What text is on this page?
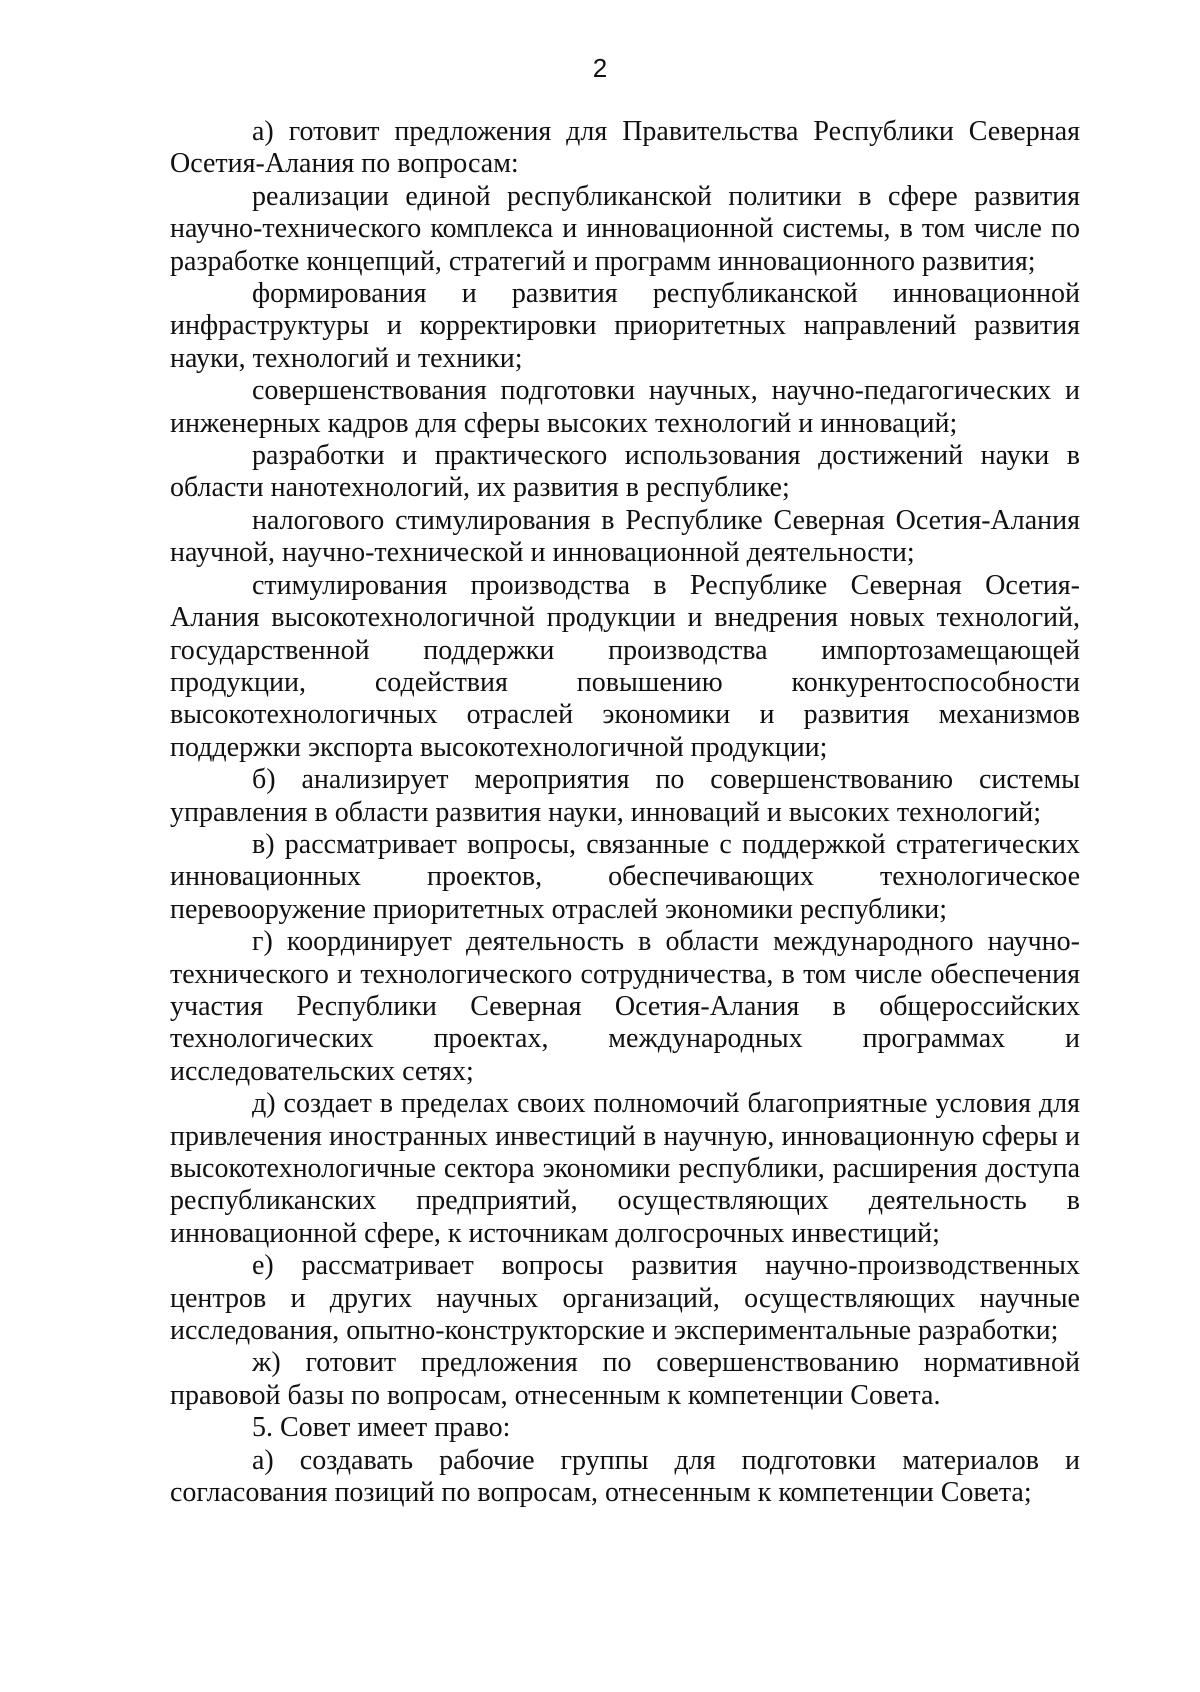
2

а) готовит предложения для Правительства Республики Северная Осетия-Алания по вопросам:

реализации единой республиканской политики в сфере развития научно-технического комплекса и инновационной системы, в том числе по разработке концепций, стратегий и программ инновационного развития;

формирования и развития республиканской инновационной инфраструктуры и корректировки приоритетных направлений развития науки, технологий и техники;

совершенствования подготовки научных, научно-педагогических и инженерных кадров для сферы высоких технологий и инноваций;

разработки и практического использования достижений науки в области нанотехнологий, их развития в республике;

налогового стимулирования в Республике Северная Осетия-Алания научной, научно-технической и инновационной деятельности;

стимулирования производства в Республике Северная Осетия-Алания высокотехнологичной продукции и внедрения новых технологий, государственной поддержки производства импортозамещающей продукции, содействия повышению конкурентоспособности высокотехнологичных отраслей экономики и развития механизмов поддержки экспорта высокотехнологичной продукции;

б) анализирует мероприятия по совершенствованию системы управления в области развития науки, инноваций и высоких технологий;

в) рассматривает вопросы, связанные с поддержкой стратегических инновационных проектов, обеспечивающих технологическое перевооружение приоритетных отраслей экономики республики;

г) координирует деятельность в области международного научно-технического и технологического сотрудничества, в том числе обеспечения участия Республики Северная Осетия-Алания в общероссийских технологических проектах, международных программах и исследовательских сетях;

д) создает в пределах своих полномочий благоприятные условия для привлечения иностранных инвестиций в научную, инновационную сферы и высокотехнологичные сектора экономики республики, расширения доступа республиканских предприятий, осуществляющих деятельность в инновационной сфере, к источникам долгосрочных инвестиций;

е) рассматривает вопросы развития научно-производственных центров и других научных организаций, осуществляющих научные исследования, опытно-конструкторские и экспериментальные разработки;

ж) готовит предложения по совершенствованию нормативной правовой базы по вопросам, отнесенным к компетенции Совета.

5. Совет имеет право:

а) создавать рабочие группы для подготовки материалов и согласования позиций по вопросам, отнесенным к компетенции Совета;
